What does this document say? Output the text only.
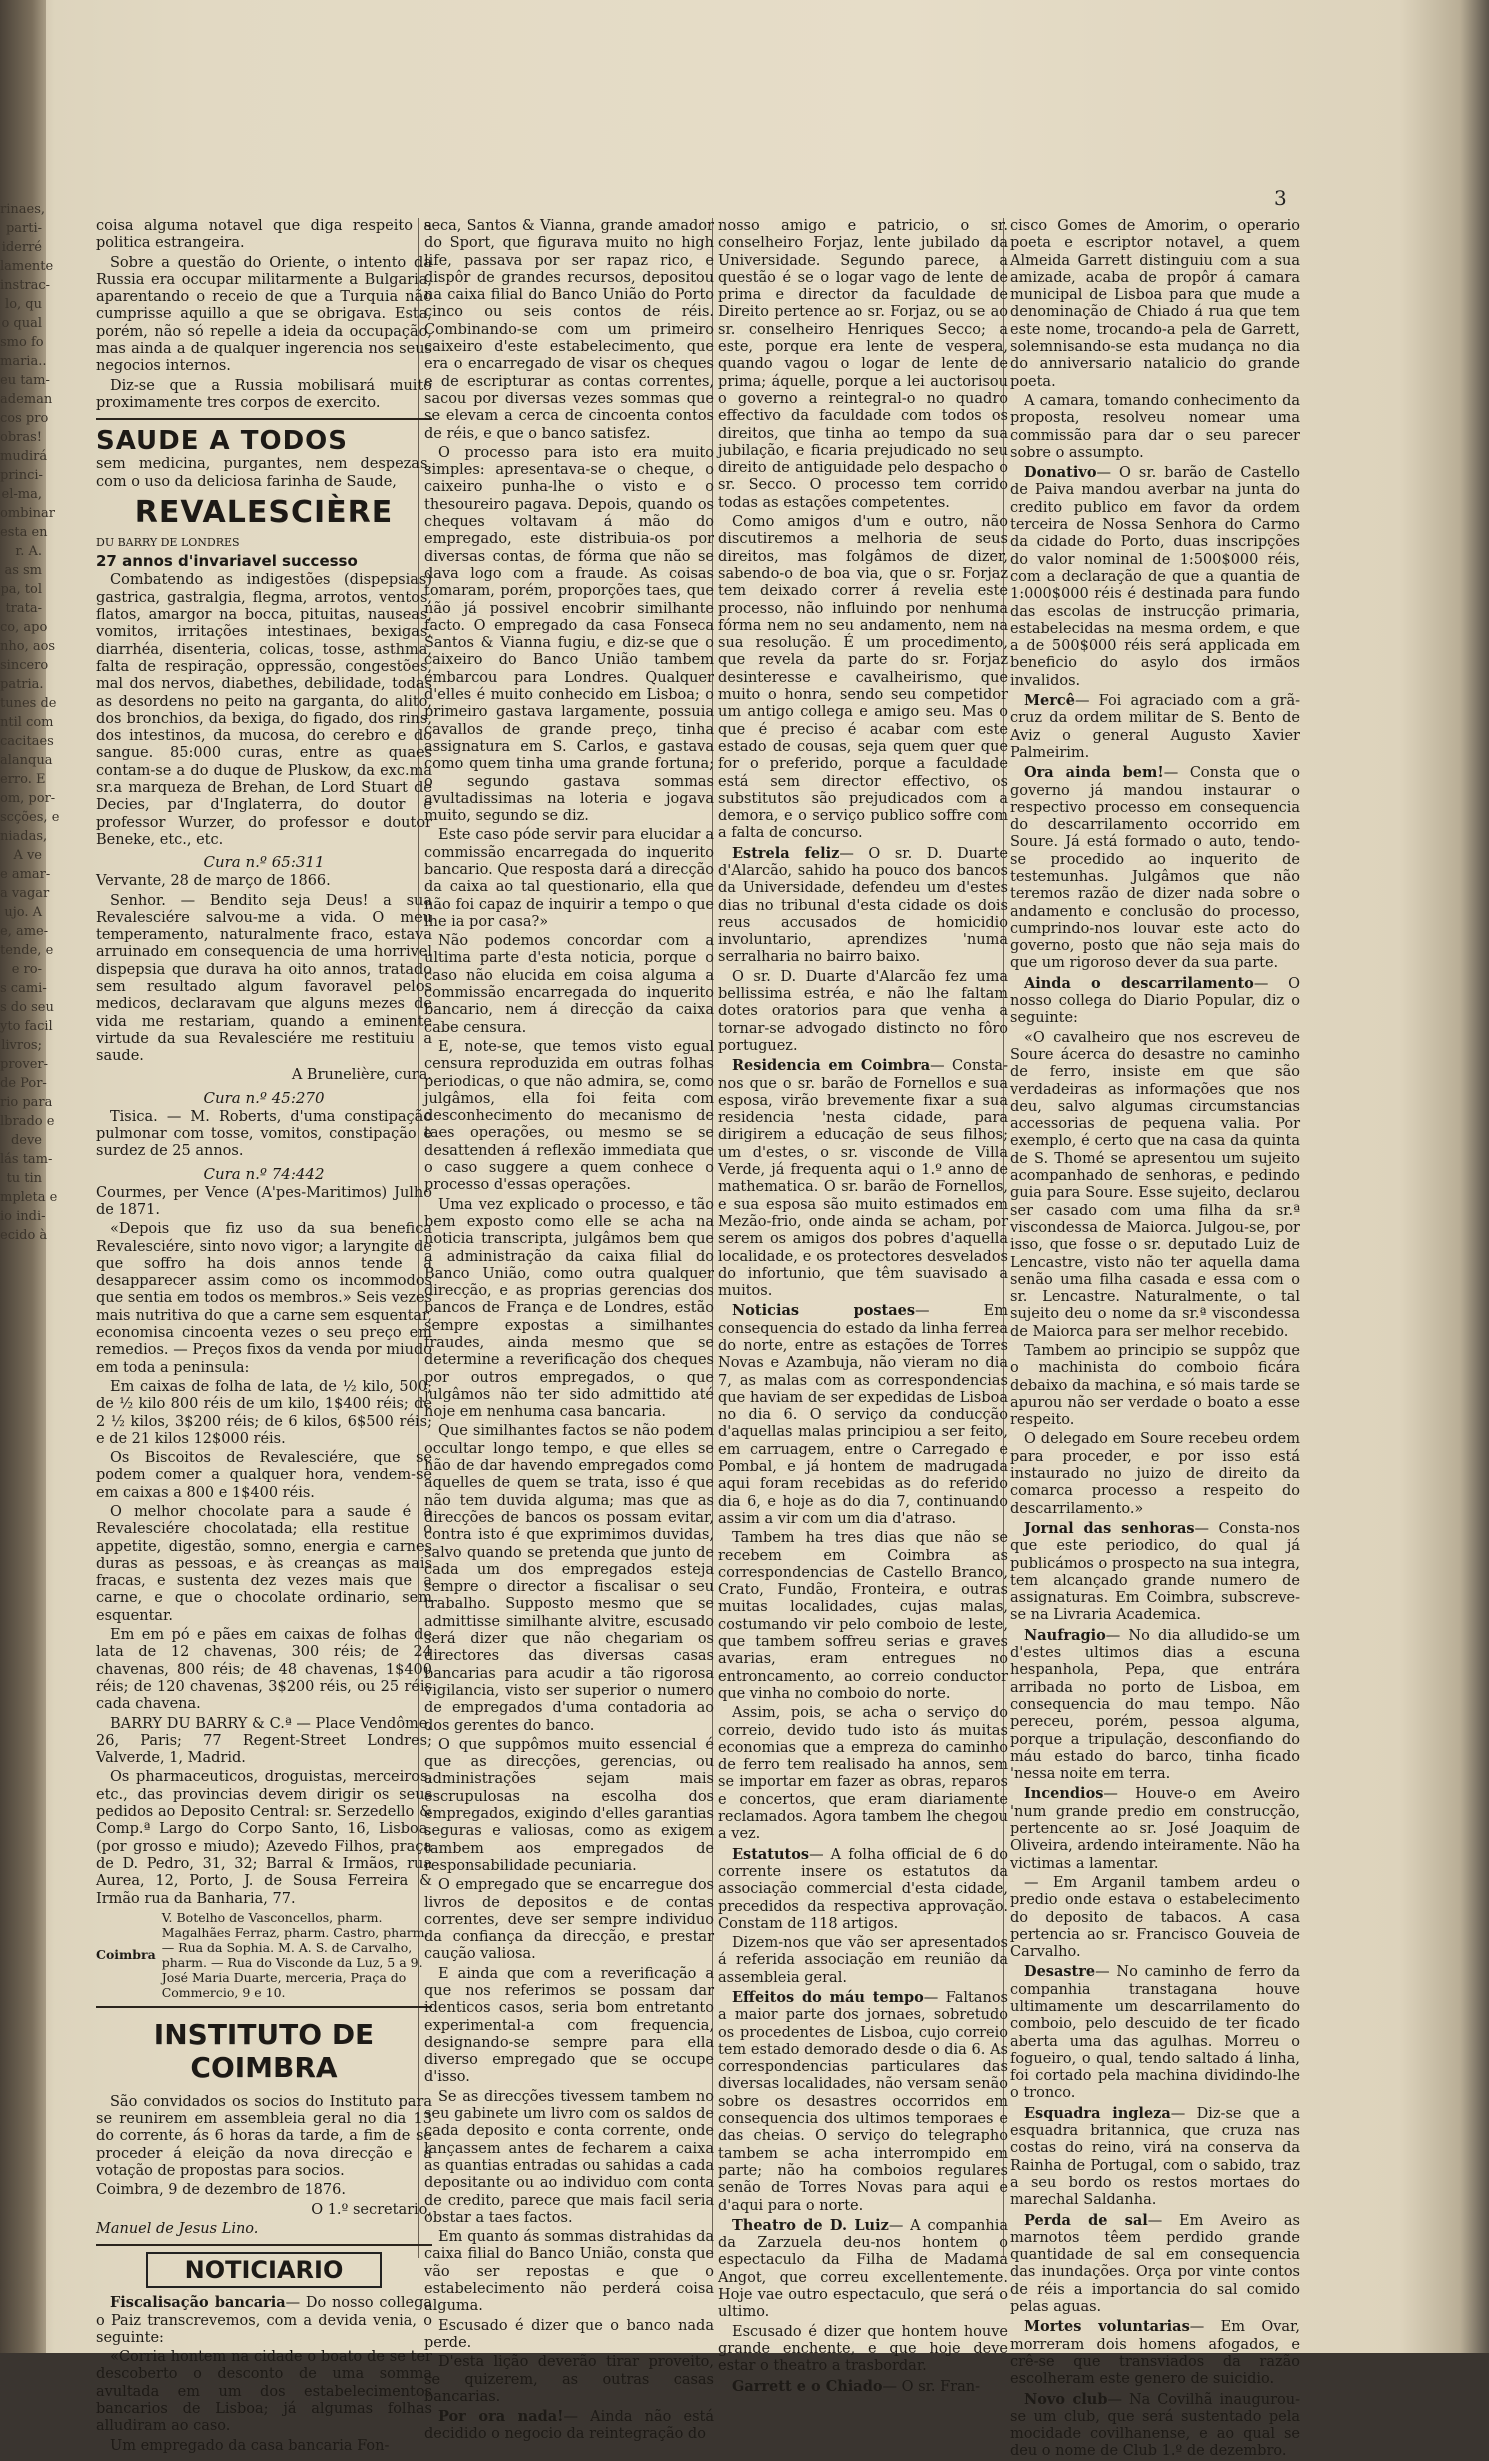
rinaes,
parti-
iderré
lamente
instrac-
lo, qu
o qual
smo fo
maria..
eu tam-
ademan
cos pro
obras!
mudirá
princi-
el-ma,
ombinar
esta en
r. A.
as sm
pa, tol
trata-
co, apo
nho, aos
sincero
patria.
tunes de
ntil com
cacitaes
alanqua
erro. E
om, por-
scções, e
niadas,
A ve
e amar-
a vagar
ujo. A
e, ame-
tende, e
e ro-
s cami-
s do seu
yto facil
livros;
prover-
de Por-
rio para
lbrado e
deve
lás tam-
tu tin
mpleta e
io indi-
ecido à
3

coisa alguma notavel que diga respeito a politica estrangeira.

Sobre a questão do Oriente, o intento da Russia era occupar militarmente a Bulgaria, aparentando o receio de que a Turquia não cumprisse aquillo a que se obrigava. Esta, porém, não só repelle a ideia da occupação, mas ainda a de qualquer ingerencia nos seus negocios internos.

Diz-se que a Russia mobilisará muito proximamente tres corpos de exercito.

SAUDE A TODOS

sem medicina, purgantes, nem despezas, com o uso da deliciosa farinha de Saude,

REVALESCIÈRE

DU BARRY DE LONDRES

27 annos d'invariavel successo

Combatendo as indigestões (dispepsias) gastrica, gastralgia, flegma, arrotos, ventos, flatos, amargor na bocca, pituitas, nauseas, vomitos, irritações intestinaes, bexigas, diarrhéa, disenteria, colicas, tosse, asthma, falta de respiração, oppressão, congestões, mal dos nervos, diabethes, debilidade, todas as desordens no peito na garganta, do alito, dos bronchios, da bexiga, do figado, dos rins, dos intestinos, da mucosa, do cerebro e do sangue. 85:000 curas, entre as quaes contam-se a do duque de Pluskow, da exc.ma sr.a marqueza de Brehan, de Lord Stuart de Decies, par d'Inglaterra, do doutor e professor Wurzer, do professor e doutor Beneke, etc., etc.

Cura n.º 65:311

Vervante, 28 de março de 1866.

Senhor. — Bendito seja Deus! a sua Revalesciére salvou-me a vida. O meu temperamento, naturalmente fraco, estava arruinado em consequencia de uma horrivel dispepsia que durava ha oito annos, tratado sem resultado algum favoravel pelos medicos, declaravam que alguns mezes de vida me restariam, quando a eminente virtude da sua Revalesciére me restituiu a saude.

A Brunelière, cura.

Cura n.º 45:270

Tisica. — M. Roberts, d'uma constipação pulmonar com tosse, vomitos, constipação e surdez de 25 annos.

Cura n.º 74:442

Courmes, per Vence (A'pes-Maritimos) Julho de 1871.

«Depois que fiz uso da sua benefica Revalesciére, sinto novo vigor; a laryngite de que soffro ha dois annos tende a desapparecer assim como os incommodos que sentia em todos os membros.» Seis vezes mais nutritiva do que a carne sem esquentar, economisa cincoenta vezes o seu preço em remedios. — Preços fixos da venda por miudo em toda a peninsula:

Em caixas de folha de lata, de ½ kilo, 500; de ½ kilo 800 réis de um kilo, 1$400 réis; de 2 ½ kilos, 3$200 réis; de 6 kilos, 6$500 réis; e de 21 kilos 12$000 réis.

Os Biscoitos de Revalesciére, que se podem comer a qualquer hora, vendem-se em caixas a 800 e 1$400 réis.

O melhor chocolate para a saude é a Revalesciére chocolatada; ella restitue o appetite, digestão, somno, energia e carnes duras as pessoas, e às creanças as mais fracas, e sustenta dez vezes mais que a carne, e que o chocolate ordinario, sem esquentar.

Em em pó e pães em caixas de folhas de lata de 12 chavenas, 300 réis; de 24 chavenas, 800 réis; de 48 chavenas, 1$400 réis; de 120 chavenas, 3$200 réis, ou 25 réis cada chavena.

BARRY DU BARRY & C.ª — Place Vendôme, 26, Paris; 77 Regent-Street Londres; Valverde, 1, Madrid.

Os pharmaceuticos, droguistas, merceiros, etc., das provincias devem dirigir os seus pedidos ao Deposito Central: sr. Serzedello & Comp.ª Largo do Corpo Santo, 16, Lisboa, (por grosso e miudo); Azevedo Filhos, praça de D. Pedro, 31, 32; Barral & Irmãos, rua Aurea, 12, Porto, J. de Sousa Ferreira & Irmão rua da Banharia, 77.

Coimbra
V. Botelho de Vasconcellos, pharm. Magalhães Ferraz, pharm. Castro, pharm. — Rua da Sophia. M. A. S. de Carvalho, pharm. — Rua do Visconde da Luz, 5 a 9. José Maria Duarte, merceria, Praça do Commercio, 9 e 10.
INSTITUTO DE COIMBRA

São convidados os socios do Instituto para se reunirem em assembleia geral no dia 13 do corrente, ás 6 horas da tarde, a fim de se proceder á eleição da nova direcção e á votação de propostas para socios.

Coimbra, 9 de dezembro de 1876.

O 1.º secretario,

Manuel de Jesus Lino.

NOTICIARIO

Fiscalisação bancaria— Do nosso collega o Paiz transcrevemos, com a devida venia, o seguinte:

«Corria hontem na cidade o boato de se ter descoberto o desconto de uma somma avultada em um dos estabelecimentos bancarios de Lisboa; já algumas folhas alludiram ao caso.

Um empregado da casa bancaria Fon-

seca, Santos & Vianna, grande amador do Sport, que figurava muito no high life, passava por ser rapaz rico, e dispôr de grandes recursos, depositou na caixa filial do Banco União do Porto cinco ou seis contos de réis. Combinando-se com um primeiro caixeiro d'este estabelecimento, que era o encarregado de visar os cheques e de escripturar as contas correntes, sacou por diversas vezes sommas que se elevam a cerca de cincoenta contos de réis, e que o banco satisfez.

O processo para isto era muito simples: apresentava-se o cheque, o caixeiro punha-lhe o visto e o thesoureiro pagava. Depois, quando os cheques voltavam á mão do empregado, este distribuia-os por diversas contas, de fórma que não se dava logo com a fraude. As coisas tomaram, porém, proporções taes, que não já possivel encobrir similhante facto. O empregado da casa Fonseca Santos & Vianna fugiu, e diz-se que o caixeiro do Banco União tambem embarcou para Londres. Qualquer d'elles é muito conhecido em Lisboa; o primeiro gastava largamente, possuia cavallos de grande preço, tinha assignatura em S. Carlos, e gastava como quem tinha uma grande fortuna; o segundo gastava sommas avultadissimas na loteria e jogava muito, segundo se diz.

Este caso póde servir para elucidar a commissão encarregada do inquerito bancario. Que resposta dará a direcção da caixa ao tal questionario, ella que não foi capaz de inquirir a tempo o que lhe ia por casa?»

Não podemos concordar com a ultima parte d'esta noticia, porque o caso não elucida em coisa alguma a commissão encarregada do inquerito bancario, nem á direcção da caixa cabe censura.

E, note-se, que temos visto egual censura reproduzida em outras folhas periodicas, o que não admira, se, como julgâmos, ella foi feita com desconhecimento do mecanismo de taes operações, ou mesmo se se desattenden á reflexão immediata que o caso suggere a quem conhece o processo d'essas operações.

Uma vez explicado o processo, e tão bem exposto como elle se acha na noticia transcripta, julgâmos bem que a administração da caixa filial do Banco União, como outra qualquer direcção, e as proprias gerencias dos bancos de França e de Londres, estão sempre expostas a similhantes fraudes, ainda mesmo que se determine a reverificação dos cheques por outros empregados, o que julgâmos não ter sido admittido até hoje em nenhuma casa bancaria.

Que similhantes factos se não podem occultar longo tempo, e que elles se hão de dar havendo empregados como aquelles de quem se trata, isso é que não tem duvida alguma; mas que as direcções de bancos os possam evitar, contra isto é que exprimimos duvidas, salvo quando se pretenda que junto de cada um dos empregados esteja sempre o director a fiscalisar o seu trabalho. Supposto mesmo que se admittisse similhante alvitre, escusado será dizer que não chegariam os directores das diversas casas bancarias para acudir a tão rigorosa vigilancia, visto ser superior o numero de empregados d'uma contadoria ao dos gerentes do banco.

O que suppômos muito essencial é que as direcções, gerencias, ou administrações sejam mais escrupulosas na escolha dos empregados, exigindo d'elles garantias seguras e valiosas, como as exigem tambem aos empregados de responsabilidade pecuniaria.

O empregado que se encarregue dos livros de depositos e de contas correntes, deve ser sempre individuo da confiança da direcção, e prestar caução valiosa.

E ainda que com a reverificação a que nos referimos se possam dar identicos casos, seria bom entretanto experimental-a com frequencia, designando-se sempre para ella diverso empregado que se occupe d'isso.

Se as direcções tivessem tambem no seu gabinete um livro com os saldos de cada deposito e conta corrente, onde lançassem antes de fecharem a caixa as quantias entradas ou sahidas a cada depositante ou ao individuo com conta de credito, parece que mais facil seria obstar a taes factos.

Em quanto ás sommas distrahidas da caixa filial do Banco União, consta que vão ser repostas e que o estabelecimento não perderá coisa alguma.

Escusado é dizer que o banco nada perde.

D'esta lição deverão tirar proveito, se quizerem, as outras casas bancarias.

Por ora nada!— Ainda não está decidido o negocio da reintegração do

nosso amigo e patricio, o sr. conselheiro Forjaz, lente jubilado da Universidade. Segundo parece, a questão é se o logar vago de lente de prima e director da faculdade de Direito pertence ao sr. Forjaz, ou se ao sr. conselheiro Henriques Secco; a este, porque era lente de vespera, quando vagou o logar de lente de prima; áquelle, porque a lei auctorisou o governo a reintegral-o no quadro effectivo da faculdade com todos os direitos, que tinha ao tempo da sua jubilação, e ficaria prejudicado no seu direito de antiguidade pelo despacho o sr. Secco. O processo tem corrido todas as estações competentes.

Como amigos d'um e outro, não discutiremos a melhoria de seus direitos, mas folgâmos de dizer, sabendo-o de boa via, que o sr. Forjaz tem deixado correr á revelia este processo, não influindo por nenhuma fórma nem no seu andamento, nem na sua resolução. É um procedimento, que revela da parte do sr. Forjaz desinteresse e cavalheirismo, que muito o honra, sendo seu competidor um antigo collega e amigo seu. Mas o que é preciso é acabar com este estado de cousas, seja quem quer que for o preferido, porque a faculdade está sem director effectivo, os substitutos são prejudicados com a demora, e o serviço publico soffre com a falta de concurso.

Estrela feliz— O sr. D. Duarte d'Alarcão, sahido ha pouco dos bancos da Universidade, defendeu um d'estes dias no tribunal d'esta cidade os dois reus accusados de homicidio involuntario, aprendizes 'numa serralharia no bairro baixo.

O sr. D. Duarte d'Alarcão fez uma bellissima estréa, e não lhe faltam dotes oratorios para que venha a tornar-se advogado distincto no fôro portuguez.

Residencia em Coimbra— Consta-nos que o sr. barão de Fornellos e sua esposa, virão brevemente fixar a sua residencia 'nesta cidade, para dirigirem a educação de seus filhos; um d'estes, o sr. visconde de Villa Verde, já frequenta aqui o 1.º anno de mathematica. O sr. barão de Fornellos, e sua esposa são muito estimados em Mezão-frio, onde ainda se acham, por serem os amigos dos pobres d'aquella localidade, e os protectores desvelados do infortunio, que têm suavisado a muitos.

Noticias postaes— Em consequencia do estado da linha ferrea do norte, entre as estações de Torres Novas e Azambuja, não vieram no dia 7, as malas com as correspondencias que haviam de ser expedidas de Lisboa no dia 6. O serviço da conducção d'aquellas malas principiou a ser feito, em carruagem, entre o Carregado e Pombal, e já hontem de madrugada aqui foram recebidas as do referido dia 6, e hoje as do dia 7, continuando assim a vir com um dia d'atraso.

Tambem ha tres dias que não se recebem em Coimbra as correspondencias de Castello Branco, Crato, Fundão, Fronteira, e outras muitas localidades, cujas malas, costumando vir pelo comboio de leste, que tambem soffreu serias e graves avarias, eram entregues no entroncamento, ao correio conductor que vinha no comboio do norte.

Assim, pois, se acha o serviço do correio, devido tudo isto ás muitas economias que a empreza do caminho de ferro tem realisado ha annos, sem se importar em fazer as obras, reparos e concertos, que eram diariamente reclamados. Agora tambem lhe chegou a vez.

Estatutos— A folha official de 6 do corrente insere os estatutos da associação commercial d'esta cidade, precedidos da respectiva approvação. Constam de 118 artigos.

Dizem-nos que vão ser apresentados á referida associação em reunião da assembleia geral.

Effeitos do máu tempo— Faltanos a maior parte dos jornaes, sobretudo os procedentes de Lisboa, cujo correio tem estado demorado desde o dia 6. As correspondencias particulares das diversas localidades, não versam senão sobre os desastres occorridos em consequencia dos ultimos temporaes e das cheias. O serviço do telegrapho tambem se acha interrompido em parte; não ha comboios regulares senão de Torres Novas para aqui e d'aqui para o norte.

Theatro de D. Luiz— A companhia da Zarzuela deu-nos hontem o espectaculo da Filha de Madama Angot, que correu excellentemente. Hoje vae outro espectaculo, que será o ultimo.

Escusado é dizer que hontem houve grande enchente, e que hoje deve estar o theatro a trasbordar.

Garrett e o Chiado— O sr. Fran-

cisco Gomes de Amorim, o operario poeta e escriptor notavel, a quem Almeida Garrett distinguiu com a sua amizade, acaba de propôr á camara municipal de Lisboa para que mude a denominação de Chiado á rua que tem este nome, trocando-a pela de Garrett, solemnisando-se esta mudança no dia do anniversario natalicio do grande poeta.

A camara, tomando conhecimento da proposta, resolveu nomear uma commissão para dar o seu parecer sobre o assumpto.

Donativo— O sr. barão de Castello de Paiva mandou averbar na junta do credito publico em favor da ordem terceira de Nossa Senhora do Carmo da cidade do Porto, duas inscripções do valor nominal de 1:500$000 réis, com a declaração de que a quantia de 1:000$000 réis é destinada para fundo das escolas de instrucção primaria, estabelecidas na mesma ordem, e que a de 500$000 réis será applicada em beneficio do asylo dos irmãos invalidos.

Mercê— Foi agraciado com a grã-cruz da ordem militar de S. Bento de Aviz o general Augusto Xavier Palmeirim.

Ora ainda bem!— Consta que o governo já mandou instaurar o respectivo processo em consequencia do descarrilamento occorrido em Soure. Já está formado o auto, tendo-se procedido ao inquerito de testemunhas. Julgâmos que não teremos razão de dizer nada sobre o andamento e conclusão do processo, cumprindo-nos louvar este acto do governo, posto que não seja mais do que um rigoroso dever da sua parte.

Ainda o descarrilamento— O nosso collega do Diario Popular, diz o seguinte:

«O cavalheiro que nos escreveu de Soure ácerca do desastre no caminho de ferro, insiste em que são verdadeiras as informações que nos deu, salvo algumas circumstancias accessorias de pequena valia. Por exemplo, é certo que na casa da quinta de S. Thomé se apresentou um sujeito acompanhado de senhoras, e pedindo guia para Soure. Esse sujeito, declarou ser casado com uma filha da sr.ª viscondessa de Maiorca. Julgou-se, por isso, que fosse o sr. deputado Luiz de Lencastre, visto não ter aquella dama senão uma filha casada e essa com o sr. Lencastre. Naturalmente, o tal sujeito deu o nome da sr.ª viscondessa de Maiorca para ser melhor recebido.

Tambem ao principio se suppôz que o machinista do comboio ficára debaixo da machina, e só mais tarde se apurou não ser verdade o boato a esse respeito.

O delegado em Soure recebeu ordem para proceder, e por isso está instaurado no juizo de direito da comarca processo a respeito do descarrilamento.»

Jornal das senhoras— Consta-nos que este periodico, do qual já publicámos o prospecto na sua integra, tem alcançado grande numero de assignaturas. Em Coimbra, subscreve-se na Livraria Academica.

Naufragio— No dia alludido-se um d'estes ultimos dias a escuna hespanhola, Pepa, que entrára arribada no porto de Lisboa, em consequencia do mau tempo. Não pereceu, porém, pessoa alguma, porque a tripulação, desconfiando do máu estado do barco, tinha ficado 'nessa noite em terra.

Incendios— Houve-o em Aveiro 'num grande predio em construcção, pertencente ao sr. José Joaquim de Oliveira, ardendo inteiramente. Não ha victimas a lamentar.

— Em Arganil tambem ardeu o predio onde estava o estabelecimento do deposito de tabacos. A casa pertencia ao sr. Francisco Gouveia de Carvalho.

Desastre— No caminho de ferro da companhia transtagana houve ultimamente um descarrilamento do comboio, pelo descuido de ter ficado aberta uma das agulhas. Morreu o fogueiro, o qual, tendo saltado á linha, foi cortado pela machina dividindo-lhe o tronco.

Esquadra ingleza— Diz-se que a esquadra britannica, que cruza nas costas do reino, virá na conserva da Rainha de Portugal, com o sabido, traz a seu bordo os restos mortaes do marechal Saldanha.

Perda de sal— Em Aveiro as marnotos têem perdido grande quantidade de sal em consequencia das inundações. Orça por vinte contos de réis a importancia do sal comido pelas aguas.

Mortes voluntarias— Em Ovar, morreram dois homens afogados, e crê-se que transviados da razão escolheram este genero de suicidio.

Novo club— Na Covilhã inaugurou-se um club, que será sustentado pela mocidade covilhanense, e ao qual se deu o nome de Club 1.º de dezembro.
